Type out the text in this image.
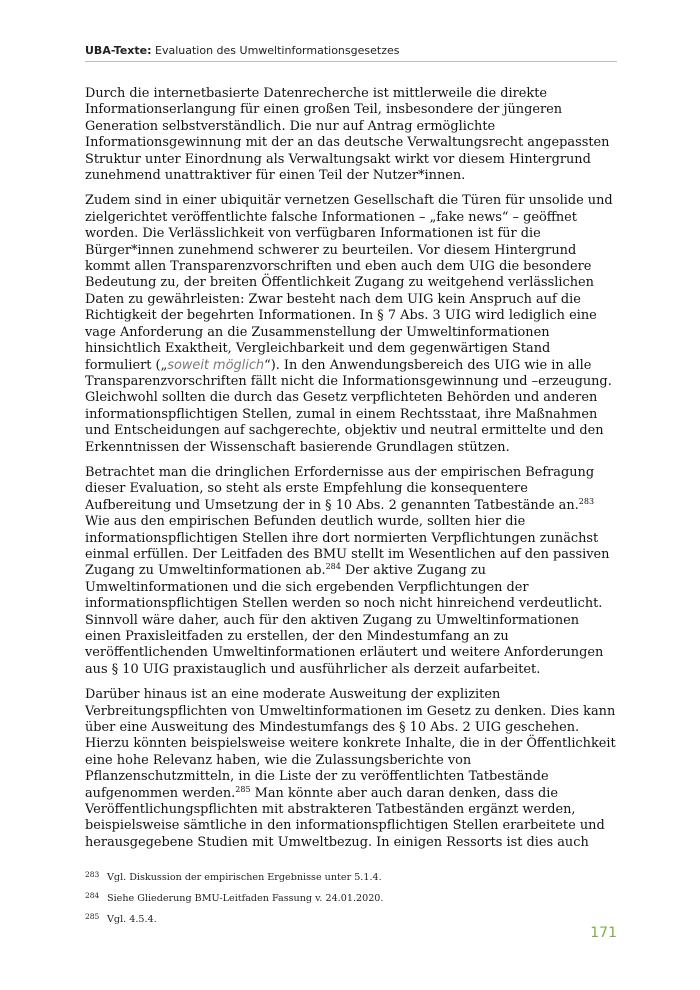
UBA-Texte: Evaluation des Umweltinformationsgesetzes

Durch die internetbasierte Datenrecherche ist mittlerweile die direkte
Informationserlangung für einen großen Teil, insbesondere der jüngeren
Generation selbstverständlich. Die nur auf Antrag ermöglichte
Informationsgewinnung mit der an das deutsche Verwaltungsrecht angepassten
Struktur unter Einordnung als Verwaltungsakt wirkt vor diesem Hintergrund
zunehmend unattraktiver für einen Teil der Nutzer*innen.

Zudem sind in einer ubiquitär vernetzen Gesellschaft die Türen für unsolide und
zielgerichtet veröffentlichte falsche Informationen – „fake news“ – geöffnet
worden. Die Verlässlichkeit von verfügbaren Informationen ist für die
Bürger*innen zunehmend schwerer zu beurteilen. Vor diesem Hintergrund
kommt allen Transparenzvorschriften und eben auch dem UIG die besondere
Bedeutung zu, der breiten Öffentlichkeit Zugang zu weitgehend verlässlichen
Daten zu gewährleisten: Zwar besteht nach dem UIG kein Anspruch auf die
Richtigkeit der begehrten Informationen. In § 7 Abs. 3 UIG wird lediglich eine
vage Anforderung an die Zusammenstellung der Umweltinformationen
hinsichtlich Exaktheit, Vergleichbarkeit und dem gegenwärtigen Stand
formuliert („soweit möglich“). In den Anwendungsbereich des UIG wie in alle
Transparenzvorschriften fällt nicht die Informationsgewinnung und –erzeugung.
Gleichwohl sollten die durch das Gesetz verpflichteten Behörden und anderen
informationspflichtigen Stellen, zumal in einem Rechtsstaat, ihre Maßnahmen
und Entscheidungen auf sachgerechte, objektiv und neutral ermittelte und den
Erkenntnissen der Wissenschaft basierende Grundlagen stützen.

Betrachtet man die dringlichen Erfordernisse aus der empirischen Befragung
dieser Evaluation, so steht als erste Empfehlung die konsequentere
Aufbereitung und Umsetzung der in § 10 Abs. 2 genannten Tatbestände an.$^{283}$
Wie aus den empirischen Befunden deutlich wurde, sollten hier die
informationspflichtigen Stellen ihre dort normierten Verpflichtungen zunächst
einmal erfüllen. Der Leitfaden des BMU stellt im Wesentlichen auf den passiven
Zugang zu Umweltinformationen ab.$^{284}$ Der aktive Zugang zu
Umweltinformationen und die sich ergebenden Verpflichtungen der
informationspflichtigen Stellen werden so noch nicht hinreichend verdeutlicht.
Sinnvoll wäre daher, auch für den aktiven Zugang zu Umweltinformationen
einen Praxisleitfaden zu erstellen, der den Mindestumfang an zu
veröffentlichenden Umweltinformationen erläutert und weitere Anforderungen
aus § 10 UIG praxistauglich und ausführlicher als derzeit aufarbeitet.

Darüber hinaus ist an eine moderate Ausweitung der expliziten
Verbreitungspflichten von Umweltinformationen im Gesetz zu denken. Dies kann
über eine Ausweitung des Mindestumfangs des § 10 Abs. 2 UIG geschehen.
Hierzu könnten beispielsweise weitere konkrete Inhalte, die in der Öffentlichkeit
eine hohe Relevanz haben, wie die Zulassungsberichte von
Pflanzenschutzmitteln, in die Liste der zu veröffentlichten Tatbestände
aufgenommen werden.$^{285}$ Man könnte aber auch daran denken, dass die
Veröffentlichungspflichten mit abstrakteren Tatbeständen ergänzt werden,
beispielsweise sämtliche in den informationspflichtigen Stellen erarbeitete und
herausgegebene Studien mit Umweltbezug. In einigen Ressorts ist dies auch

283 Vgl. Diskussion der empirischen Ergebnisse unter 5.1.4.
284 Siehe Gliederung BMU-Leitfaden Fassung v. 24.01.2020.
285 Vgl. 4.5.4.
171
